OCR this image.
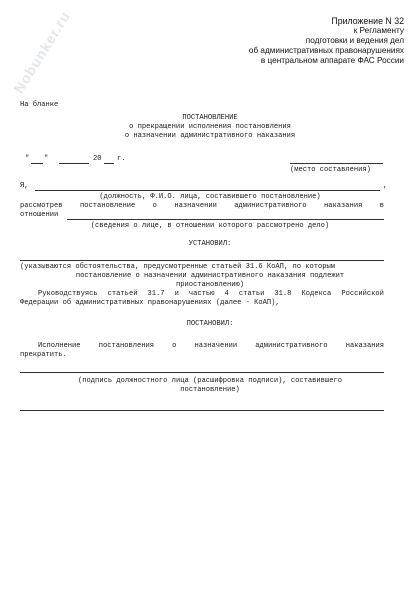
Nobunker.ru	Приложение N 32
к Регламенту
подготовки и ведения дел
об административных правонарушениях
в центральном аппарате ФАС России
На бланке
ПОСТАНОВЛЕНИЕ
о прекращении исполнения постановления
о назначении административного наказания
" "	20 г.
(место составления)
Я,	,
(должность, Ф.И.О. лица, составившего постановление)
рассмотрев постановление о назначении административного наказания в
отношении
(сведения о лице, в отношении которого рассмотрено дело)
УСТАНОВИЛ:
(указываются обстоятельства, предусмотренные статьей 31.6 КоАП, по которым
постановление о назначении административного наказания подлежит
приостановлению)
Руководствуясь статьей 31.7 и частью 4 статьи 31.8 Кодекса Российской
Федерации об административных правонарушениях (далее - КоАП),
ПОСТАНОВИЛ:
Исполнение	постановления	о	назначении	административного	наказания
прекратить.
(подпись должностного лица (расшифровка подписи), составившего
постановление)
